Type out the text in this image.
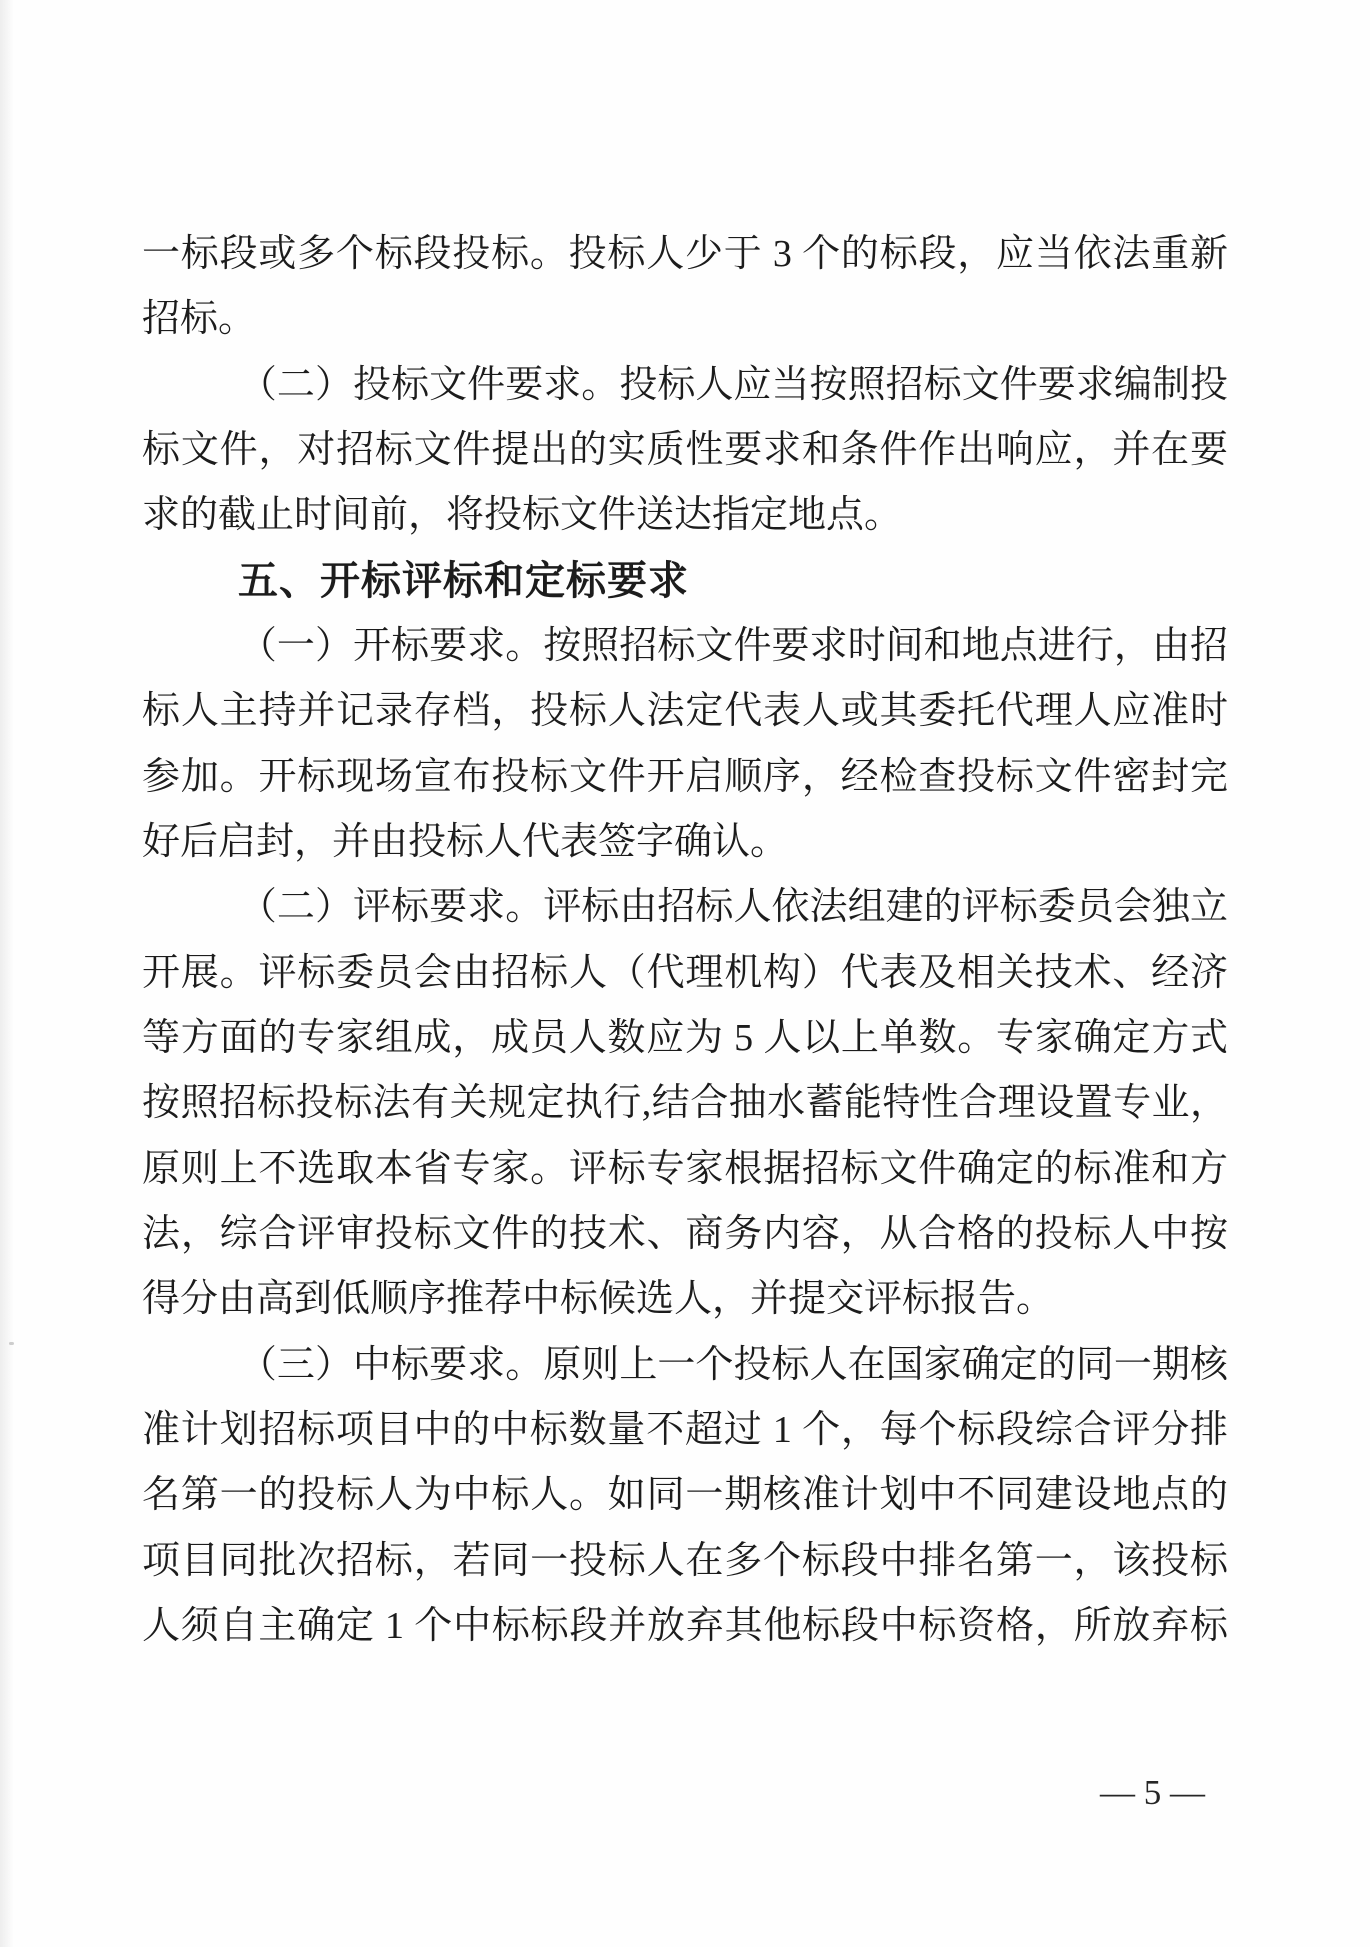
一标段或多个标段投标。投标人少于 3 个的标段，应当依法重新
招标。
（二）投标文件要求。投标人应当按照招标文件要求编制投
标文件，对招标文件提出的实质性要求和条件作出响应，并在要
求的截止时间前，将投标文件送达指定地点。
五、开标评标和定标要求
（一）开标要求。按照招标文件要求时间和地点进行，由招
标人主持并记录存档，投标人法定代表人或其委托代理人应准时
参加。开标现场宣布投标文件开启顺序，经检查投标文件密封完
好后启封，并由投标人代表签字确认。
（二）评标要求。评标由招标人依法组建的评标委员会独立
开展。评标委员会由招标人（代理机构）代表及相关技术、经济
等方面的专家组成，成员人数应为 5 人以上单数。专家确定方式
按照招标投标法有关规定执行,结合抽水蓄能特性合理设置专业，
原则上不选取本省专家。评标专家根据招标文件确定的标准和方
法，综合评审投标文件的技术、商务内容，从合格的投标人中按
得分由高到低顺序推荐中标候选人，并提交评标报告。
（三）中标要求。原则上一个投标人在国家确定的同一期核
准计划招标项目中的中标数量不超过 1 个，每个标段综合评分排
名第一的投标人为中标人。如同一期核准计划中不同建设地点的
项目同批次招标，若同一投标人在多个标段中排名第一，该投标
人须自主确定 1 个中标标段并放弃其他标段中标资格，所放弃标

— 5 —
